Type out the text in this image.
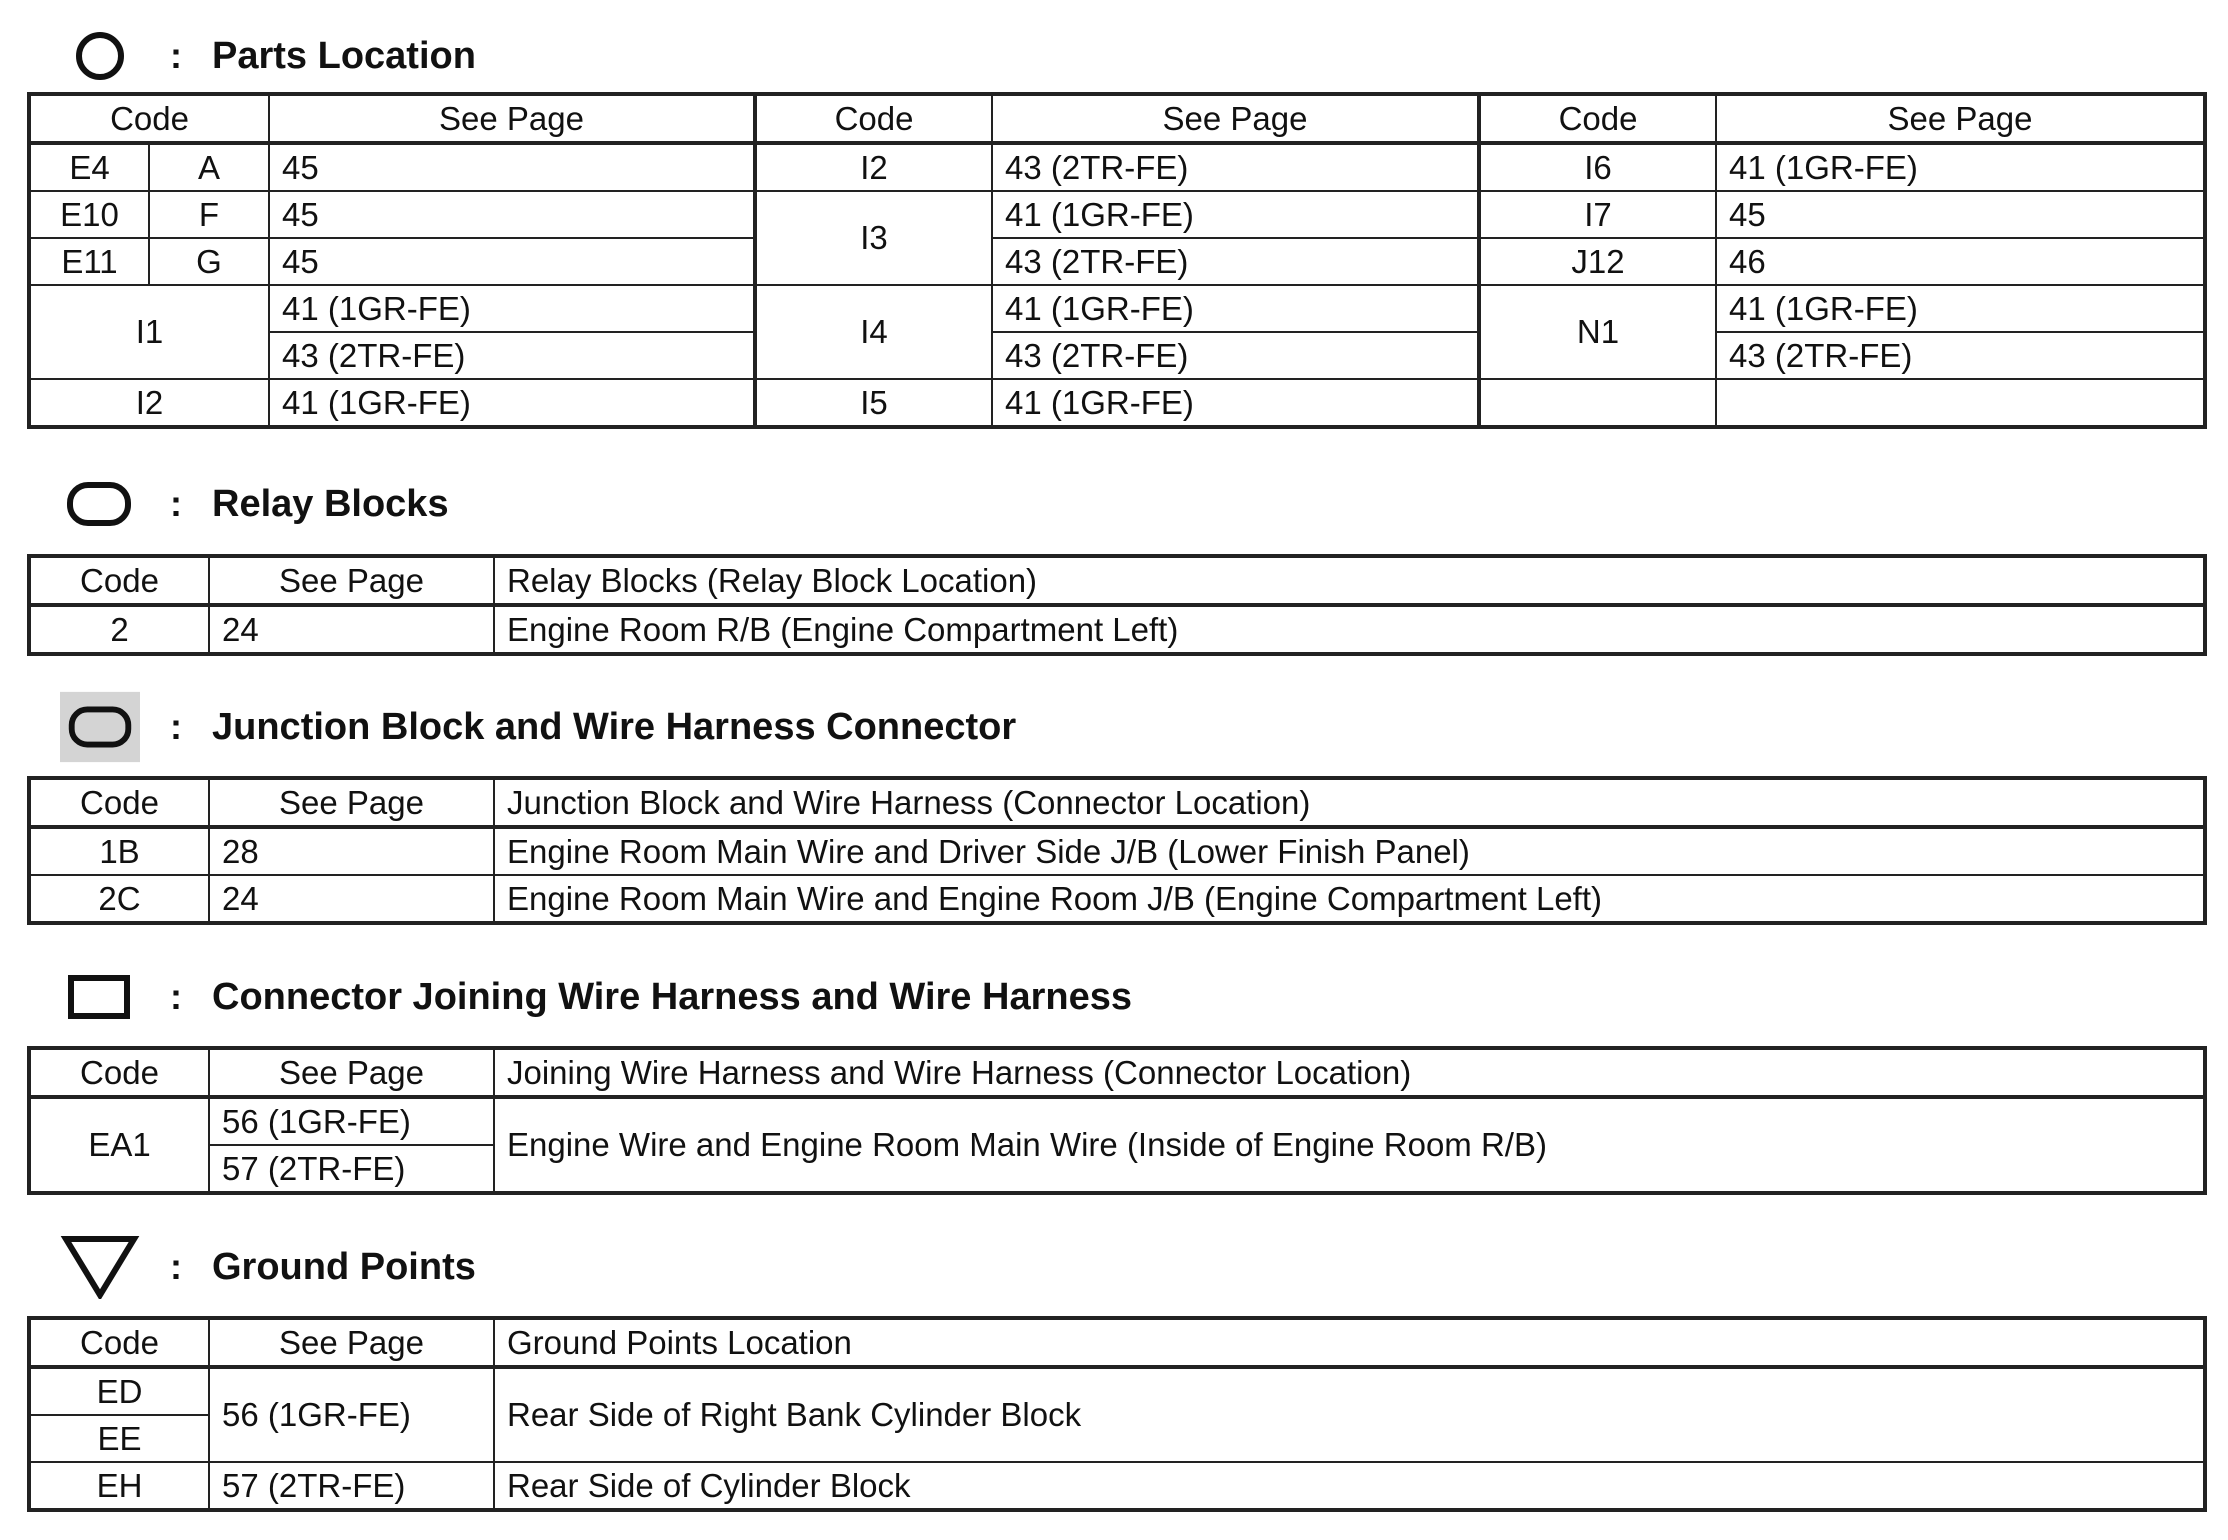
: Parts Location
Code		See Page	Code	See Page	Code	See Page
E4	A	45	I2	43 (2TR-FE)	I6	41 (1GR-FE)
E10	F	45	I3	41 (1GR-FE)	I7	45
E11	G	45		43 (2TR-FE)	J12	46
I1		41 (1GR-FE)	I4	41 (1GR-FE)	N1	41 (1GR-FE)
		43 (2TR-FE)		43 (2TR-FE)		43 (2TR-FE)
I2		41 (1GR-FE)	I5	41 (1GR-FE)		
: Relay Blocks
Code	See Page	Relay Blocks (Relay Block Location)
2	24	Engine Room R/B (Engine Compartment Left)
: Junction Block and Wire Harness Connector
Code	See Page	Junction Block and Wire Harness (Connector Location)
1B	28	Engine Room Main Wire and Driver Side J/B (Lower Finish Panel)
2C	24	Engine Room Main Wire and Engine Room J/B (Engine Compartment Left)
: Connector Joining Wire Harness and Wire Harness
Code	See Page	Joining Wire Harness and Wire Harness (Connector Location)
EA1	56 (1GR-FE)	Engine Wire and Engine Room Main Wire (Inside of Engine Room R/B)
	57 (2TR-FE)	
: Ground Points
Code	See Page	Ground Points Location
ED	56 (1GR-FE)	Rear Side of Right Bank Cylinder Block
EE		
EH	57 (2TR-FE)	Rear Side of Cylinder Block
